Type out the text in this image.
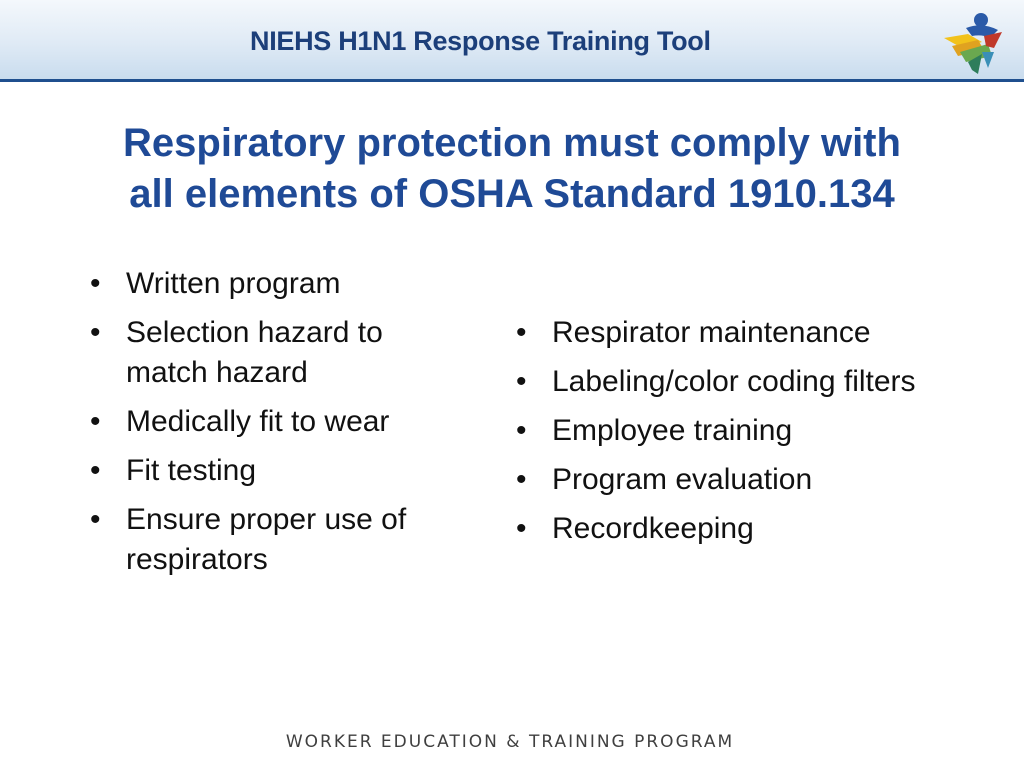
NIEHS H1N1 Response Training Tool
Respiratory protection must comply with
all elements of OSHA Standard 1910.134
• Written program
• Selection hazard to match hazard
• Medically fit to wear
• Fit testing
• Ensure proper use of respirators
• Respirator maintenance
• Labeling/color coding filters
• Employee training
• Program evaluation
• Recordkeeping
WORKER EDUCATION & TRAINING PROGRAM
